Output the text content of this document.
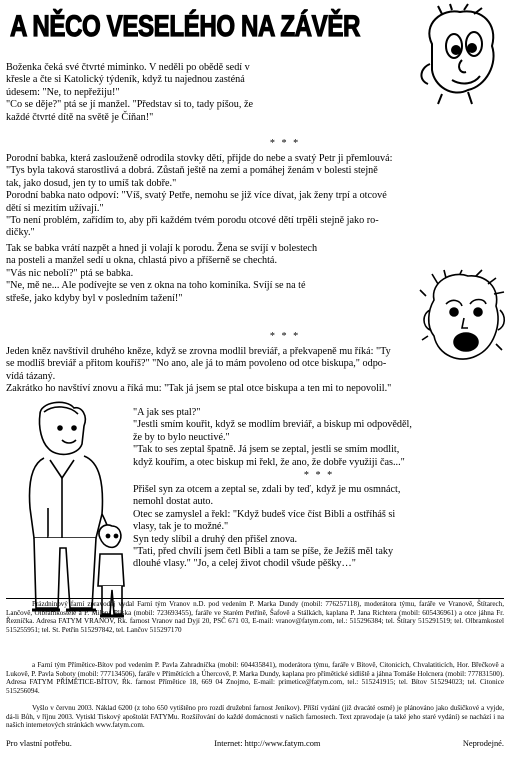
A NĚCO VESELÉHO NA ZÁVĚR

Boženka čeká své čtvrté miminko. V neděli po obědě sedí v

křesle a čte si Katolický týdeník, když tu najednou zasténá

údesem: "Ne, to nepřežiju!"

"Co se děje?" ptá se jí manžel. "Představ si to, tady píšou, že

každé čtvrté dítě na světě je Číňan!"

* * *

Porodní babka, která zaslouženě odrodila stovky dětí, přijde do nebe a svatý Petr ji přemlouvá:

"Tys byla taková starostlivá a dobrá. Zůstaň ještě na zemi a pomáhej ženám v bolesti stejně

tak, jako dosud, jen ty to umíš tak dobře."

Porodní babka nato odpoví: "Víš, svatý Petře, nemohu se již více dívat, jak ženy trpí a otcové

dětí si mezitím užívají."

"To není problém, zařídím to, aby při každém tvém porodu otcové dětí trpěli stejně jako ro-

dičky."

Tak se babka vrátí nazpět a hned ji volají k porodu. Žena se svíjí v bolestech

na posteli a manžel sedí u okna, chlastá pivo a příšerně se chechtá.

"Vás nic nebolí?" ptá se babka.

"Ne, mě ne... Ale podívejte se ven z okna na toho kominíka. Svíjí se na té

střeše, jako kdyby byl v posledním tažení!"

* * *

Jeden kněz navštívil druhého kněze, když se zrovna modlil breviář, a překvapeně mu říká: "Ty

se modlíš breviář a přitom kouříš?" "No ano, ale já to mám povoleno od otce biskupa," odpo-

vídá tázaný.

Zakrátko ho navštíví znovu a říká mu: "Tak já jsem se ptal otce biskupa a ten mi to nepovolil."

"A jak ses ptal?"

"Jestli smím kouřit, když se modlím breviář, a biskup mi odpověděl,

že by to bylo neuctivé."

"Tak to ses zeptal špatně. Já jsem se zeptal, jestli se smím modlit,

když kouřím, a otec biskup mi řekl, že ano, že dobře využiji čas..."

* * *

Přišel syn za otcem a zeptal se, zdali by teď, když je mu osmnáct,

nemohl dostat auto.

Otec se zamyslel a řekl: "Když budeš více číst Bibli a ostříháš si

vlasy, tak je to možné."

Syn tedy slíbil a druhý den přišel znova.

"Tati, před chvílí jsem četl Bibli a tam se píše, že Ježíš měl taky

dlouhé vlasy." "Jo, a celej život chodil všude pěšky…"

Prázdninový farní zpravodaj vydal Farní tým Vranov n.D. pod vedením P. Marka Dundy (mobil: 776257118), moderátora týmu, faráře ve Vranově, Štítarech, Lančově, Olbramkostele a P. Milana Pliska (mobil: 723693455), faráře ve Starém Petříně, Šafově a Stálkách, kaplana P. Jana Richtera (mobil: 605436961) a otce jáhna Fr. Řezníčka. Adresa FATYM VRANOV, Ŕk. farnost Vranov nad Dyjí 20, PSČ 671 03, E-mail: vranov@fatym.com, tel.: 515296384; tel. Štítary 515291519; tel. Olbramkostel 515255951; tel. St. Petřín 515297842, tel. Lančov 515297170
a Farní tým Přímětice-Bítov pod vedením P. Pavla Zahradníčka (mobil: 604435841), moderátora týmu, faráře v Bítově, Citonicích, Chvalatiticích, Hor. Břečkově a Lukově, P. Pavla Soboty (mobil: 777134506), faráře v Přímětících a Úhercově, P. Marka Dundy, kaplana pro přímětické sídliště a jáhna Tomáše Holcnera (mobil: 777831500). Adresa FATYM PŘÍMĚTICE-BÍTOV, Ŕk. farnost Přímětice 18, 669 04 Znojmo, E-mail: primetice@fatym.com, tel.: 515241915; tel. Bítov 515294023; tel. Citonice 515256094.
Vyšlo v červnu 2003. Náklad 6200 (z toho 650 vytištěno pro rozdí družební farnost Jeníkov). Příští vydání (již dvacáté osmé) je plánováno jako dušičkové a vyjde, dá-li Bůh, v říjnu 2003. Vytiskl Tiskový apoštolát FATYMu. Rozšiřování do každé domácnosti v našich farnostech. Text zpravodaje (a také jeho staré vydání) se nachází i na našich internetových stránkách www.fatym.com.
Pro vlastní potřebu.	Internet: http://www.fatym.com	Neprodejné.
